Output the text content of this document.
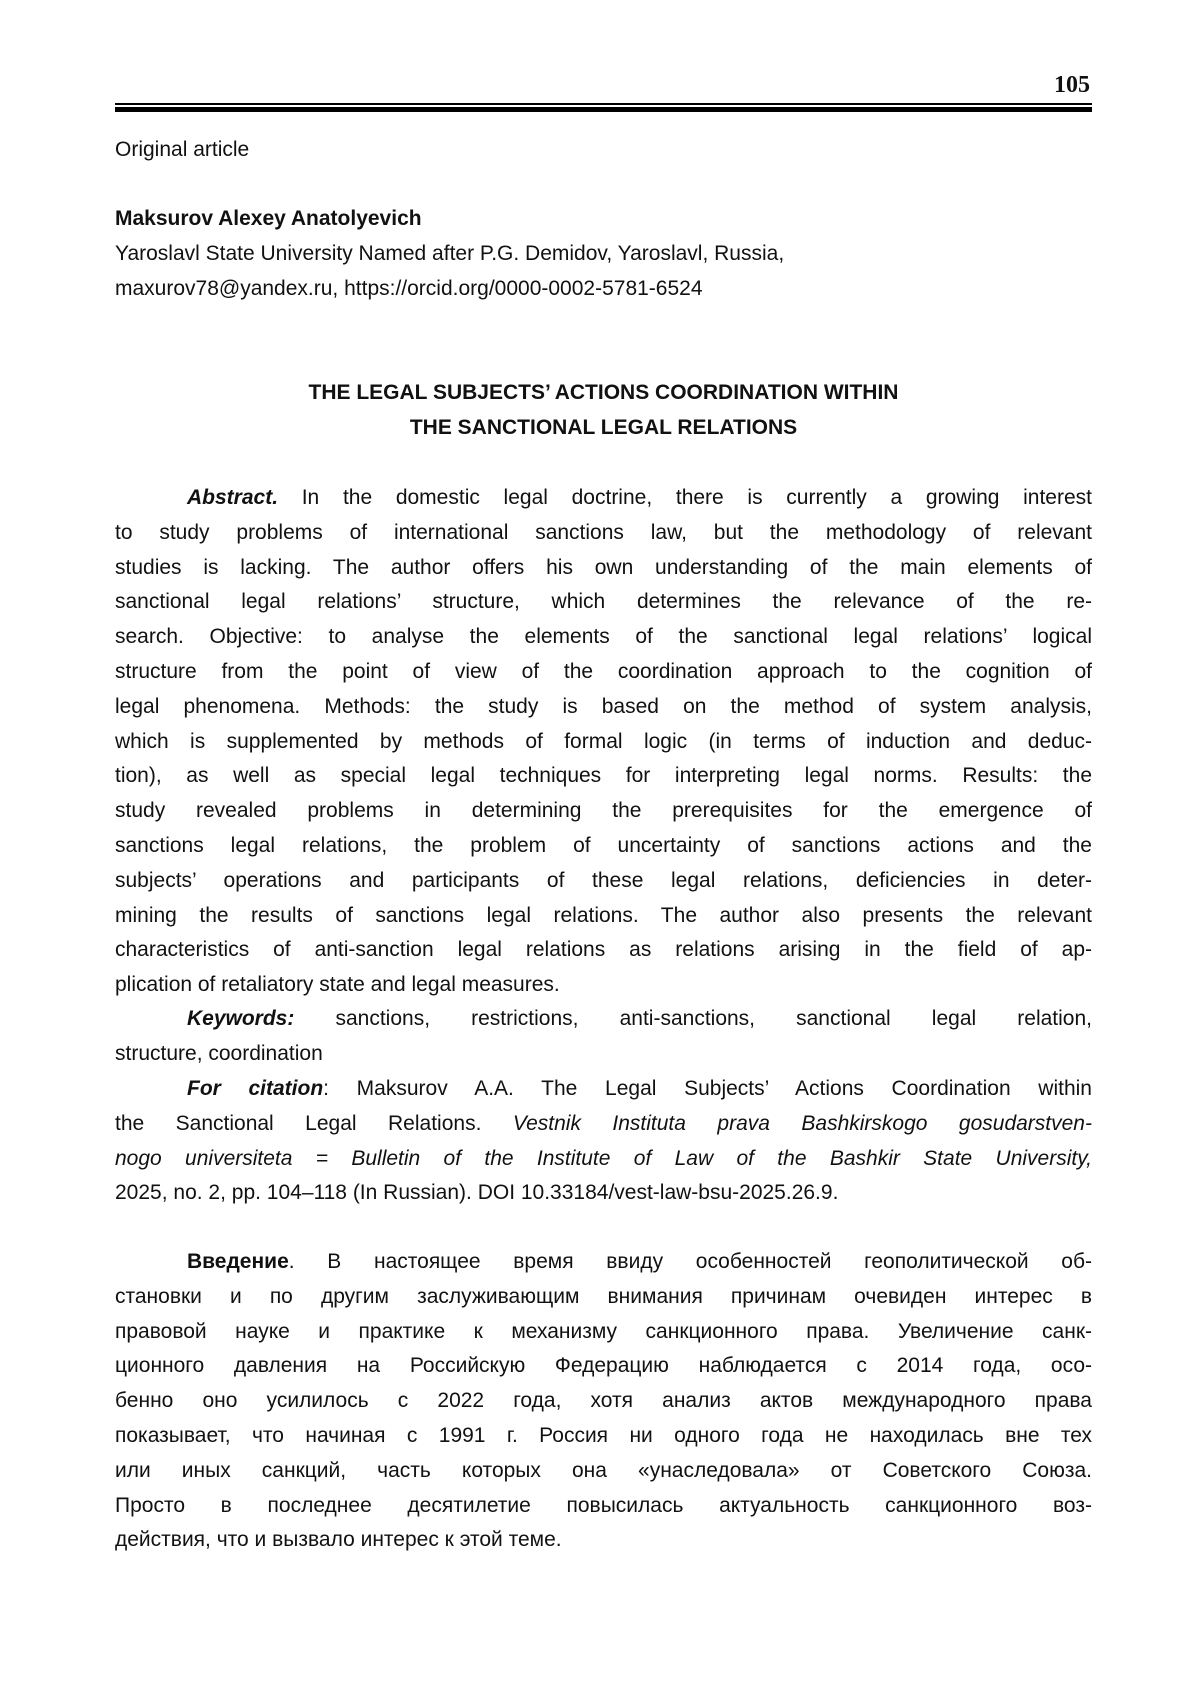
105
Original article
Maksurov Alexey Anatolyevich
Yaroslavl State University Named after P.G. Demidov, Yaroslavl, Russia,
maxurov78@yandex.ru, https://orcid.org/0000-0002-5781-6524
THE LEGAL SUBJECTS’ ACTIONS COORDINATION WITHIN
THE SANCTIONAL LEGAL RELATIONS
Abstract. In the domestic legal doctrine, there is currently a growing interest
to study problems of international sanctions law, but the methodology of relevant
studies is lacking. The author offers his own understanding of the main elements of
sanctional legal relations’ structure, which determines the relevance of the re-
search. Objective: to analyse the elements of the sanctional legal relations’ logical
structure from the point of view of the coordination approach to the cognition of
legal phenomena. Methods: the study is based on the method of system analysis,
which is supplemented by methods of formal logic (in terms of induction and deduc-
tion), as well as special legal techniques for interpreting legal norms. Results: the
study revealed problems in determining the prerequisites for the emergence of
sanctions legal relations, the problem of uncertainty of sanctions actions and the
subjects’ operations and participants of these legal relations, deficiencies in deter-
mining the results of sanctions legal relations. The author also presents the relevant
characteristics of anti-sanction legal relations as relations arising in the field of ap-
plication of retaliatory state and legal measures.
Keywords: sanctions, restrictions, anti-sanctions, sanctional legal relation,
structure, coordination
For citation: Maksurov A.A. The Legal Subjects’ Actions Coordination within
the Sanctional Legal Relations. Vestnik Instituta prava Bashkirskogo gosudarstven-
nogo universiteta = Bulletin of the Institute of Law of the Bashkir State University,
2025, no. 2, pp. 104–118 (In Russian). DOI 10.33184/vest-law-bsu-2025.26.9.
Введение. В настоящее время ввиду особенностей геополитической об-
становки и по другим заслуживающим внимания причинам очевиден интерес в
правовой науке и практике к механизму санкционного права. Увеличение санк-
ционного давления на Российскую Федерацию наблюдается с 2014 года, осо-
бенно оно усилилось с 2022 года, хотя анализ актов международного права
показывает, что начиная с 1991 г. Россия ни одного года не находилась вне тех
или иных санкций, часть которых она «унаследовала» от Советского Союза.
Просто в последнее десятилетие повысилась актуальность санкционного воз-
действия, что и вызвало интерес к этой теме.
